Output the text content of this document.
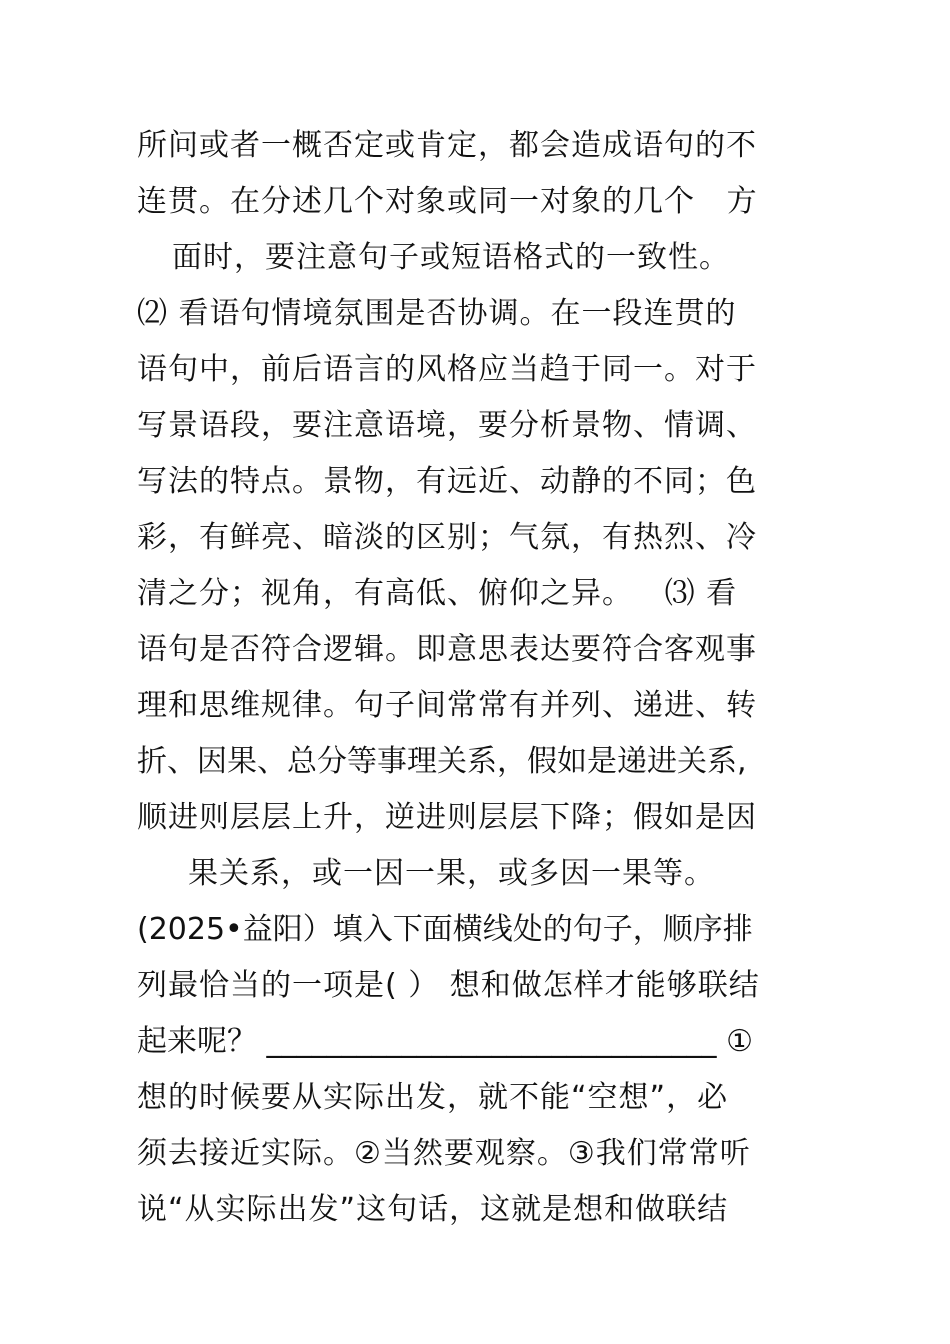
所问或者一概否定或肯定，都会造成语句的不
连贯。在分述几个对象或同一对象的几个   方
面时，要注意句子或短语格式的一致性。
⑵ 看语句情境氛围是否协调。在一段连贯的
语句中，前后语言的风格应当趋于同一。对于
写景语段，要注意语境，要分析景物、情调、
写法的特点。景物，有远近、动静的不同；色
彩，有鲜亮、暗淡的区别；气氛，有热烈、冷
清之分；视角，有高低、俯仰之异。   ⑶ 看
语句是否符合逻辑。即意思表达要符合客观事
理和思维规律。句子间常常有并列、递进、转
折、因果、总分等事理关系，假如是递进关系,
顺进则层层上升，逆进则层层下降；假如是因
果关系，或一因一果，或多因一果等。
(2025•益阳）填入下面横线处的句子，顺序排
列最恰当的一项是( ） 想和做怎样才能够联结
起来呢？ ______________________________ ①
想的时候要从实际出发，就不能“空想”，必
须去接近实际。②当然要观察。③我们常常听
说“从实际出发”这句话，这就是想和做联结
